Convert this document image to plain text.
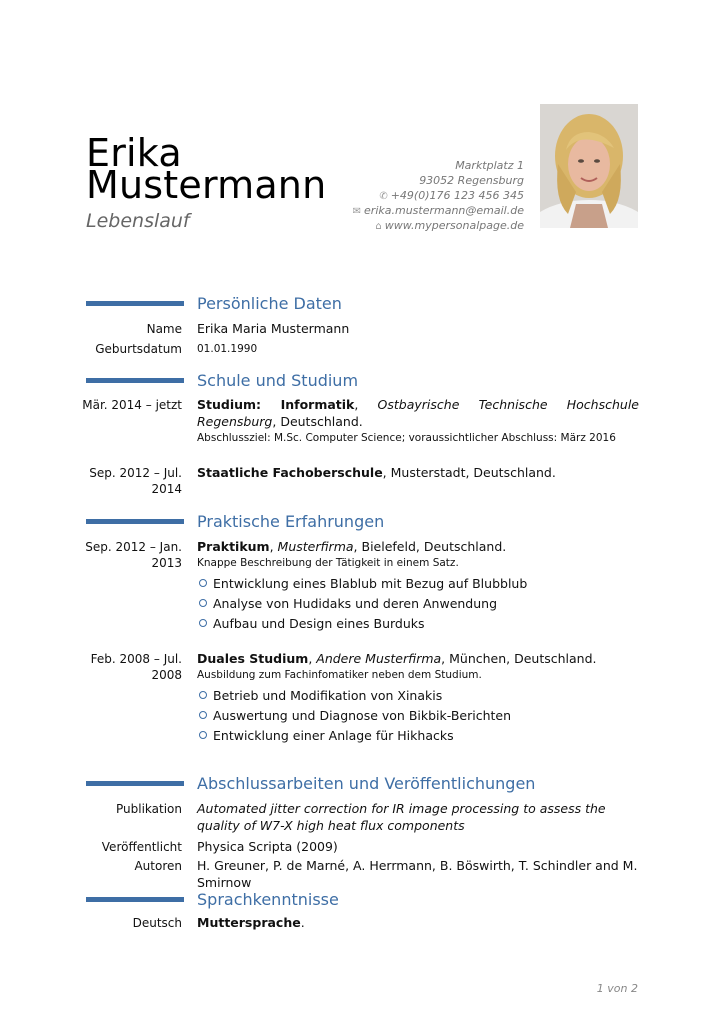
Erika
Mustermann
Lebenslauf
Marktplatz 1
93052 Regensburg
✆ +49(0)176 123 456 345
✉ erika.mustermann@email.de
⌂ www.mypersonalpage.de
Persönliche Daten
Name Erika Maria Mustermann
Geburtsdatum 01.01.1990
Schule und Studium
Mär. 2014 – jetzt Studium: Informatik, Ostbayrische Technische Hochschule Regensburg, Deutschland.
Abschlussziel: M.Sc. Computer Science; voraussichtlicher Abschluss: März 2016
Sep. 2012 – Jul.
2014
Staatliche Fachoberschule, Musterstadt, Deutschland.
Praktische Erfahrungen
Sep. 2012 – Jan.
2013
Praktikum, Musterfirma, Bielefeld, Deutschland.
Knappe Beschreibung der Tätigkeit in einem Satz.
Entwicklung eines Blablub mit Bezug auf Blubblub
Analyse von Hudidaks und deren Anwendung
Aufbau und Design eines Burduks
Feb. 2008 – Jul.
2008
Duales Studium, Andere Musterfirma, München, Deutschland.
Ausbildung zum Fachinfomatiker neben dem Studium.
Betrieb und Modifikation von Xinakis
Auswertung und Diagnose von Bikbik-Berichten
Entwicklung einer Anlage für Hikhacks
Abschlussarbeiten und Veröffentlichungen
Publikation Automated jitter correction for IR image processing to assess the quality of W7-X high heat flux components
Veröffentlicht Physica Scripta (2009)
Autoren H. Greuner, P. de Marné, A. Herrmann, B. Böswirth, T. Schindler and M. Smirnow
Sprachkenntnisse
Deutsch Muttersprache.
1 von 2
